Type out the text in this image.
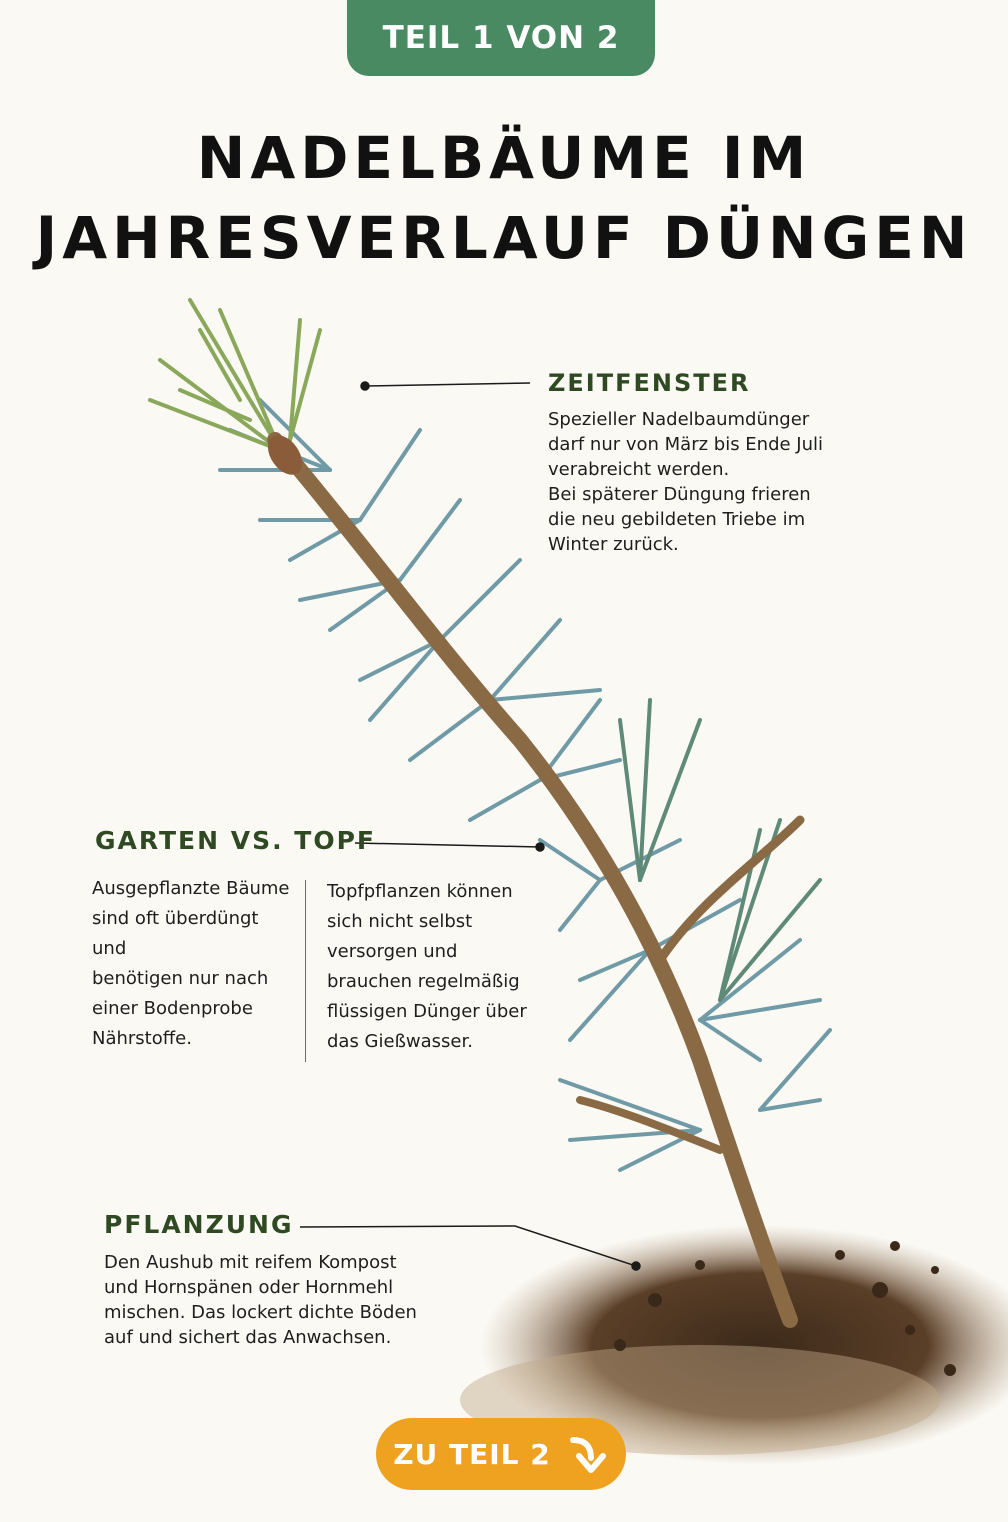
TEIL 1 VON 2
NADELBÄUME IM
JAHRESVERLAUF DÜNGEN
ZEITFENSTER
Spezieller Nadelbaumdünger
darf nur von März bis Ende Juli
verabreicht werden.
Bei späterer Düngung frieren
die neu gebildeten Triebe im
Winter zurück.
GARTEN VS. TOPF
Ausgepflanzte Bäume
sind oft überdüngt und
benötigen nur nach
einer Bodenprobe
Nährstoffe.
Topfpflanzen können
sich nicht selbst
versorgen und
brauchen regelmäßig
flüssigen Dünger über
das Gießwasser.
PFLANZUNG
Den Aushub mit reifem Kompost
und Hornspänen oder Hornmehl
mischen. Das lockert dichte Böden
auf und sichert das Anwachsen.
ZU TEIL 2
